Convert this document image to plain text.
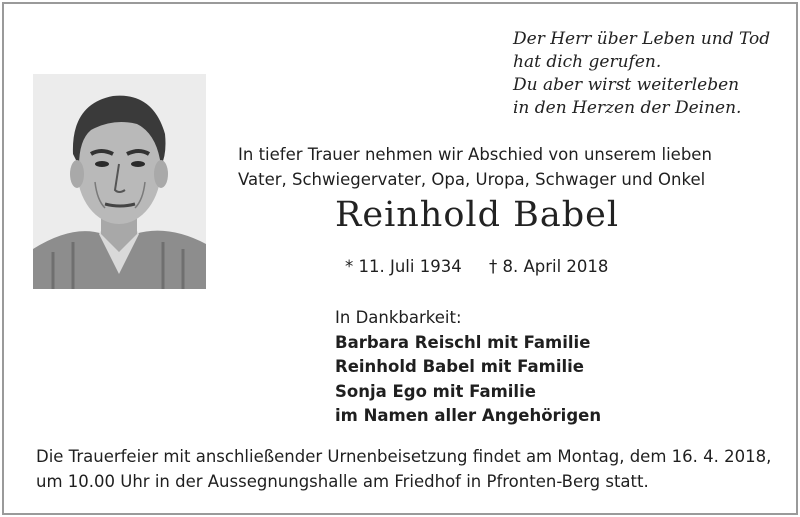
Der Herr über Leben und Tod
hat dich gerufen.
Du aber wirst weiterleben
in den Herzen der Deinen.
In tiefer Trauer nehmen wir Abschied von unserem lieben
Vater, Schwiegervater, Opa, Uropa, Schwager und Onkel
Reinhold Babel
* 11. Juli 1934 † 8. April 2018
In Dankbarkeit:
Barbara Reischl mit Familie
Reinhold Babel mit Familie
Sonja Ego mit Familie
im Namen aller Angehörigen
Die Trauerfeier mit anschließender Urnenbeisetzung findet am Montag, dem 16. 4. 2018,
um 10.00 Uhr in der Aussegnungshalle am Friedhof in Pfronten-Berg statt.
